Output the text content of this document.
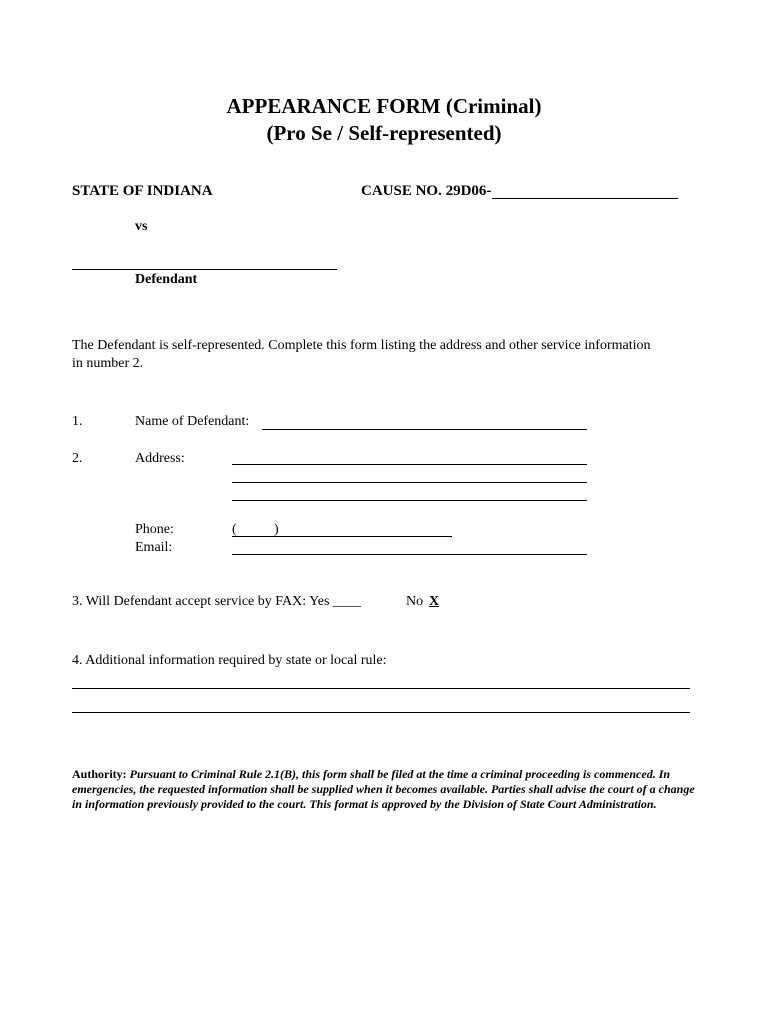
APPEARANCE FORM (Criminal)
(Pro Se / Self-represented)
STATE OF INDIANA	CAUSE NO. 29D06-
vs
Defendant
The Defendant is self-represented. Complete this form listing the address and other service information
in number 2.
1.	Name of Defendant:
2.	Address:
Phone:	(	)
Email:
3. Will Defendant accept service by FAX: Yes ____	No X
4. Additional information required by state or local rule:
Authority: Pursuant to Criminal Rule 2.1(B), this form shall be filed at the time a criminal proceeding is commenced. In emergencies, the requested information shall be supplied when it becomes available. Parties shall advise the court of a change in information previously provided to the court. This format is approved by the Division of State Court Administration.
